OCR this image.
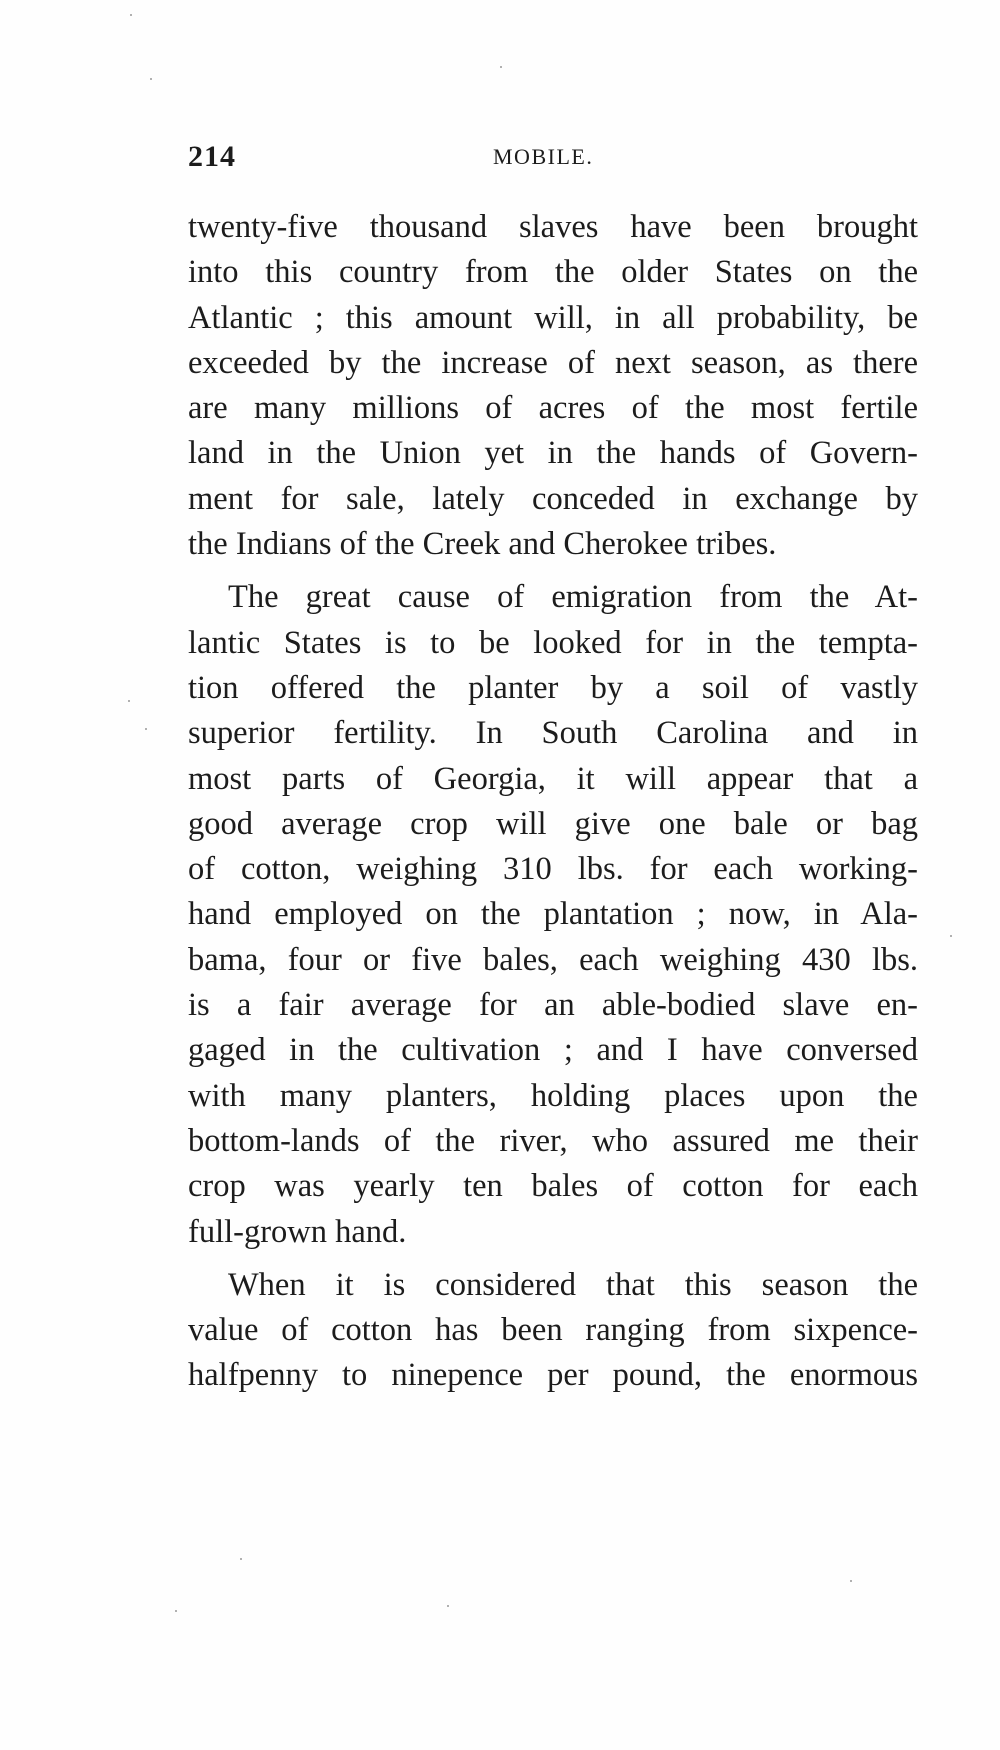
214	MOBILE.
twenty-five thousand slaves have been brought
into this country from the older States on the
Atlantic ; this amount will, in all probability, be
exceeded by the increase of next season, as there
are many millions of acres of the most fertile
land in the Union yet in the hands of Govern-
ment for sale, lately conceded in exchange by
the Indians of the Creek and Cherokee tribes.
The great cause of emigration from the At-
lantic States is to be looked for in the tempta-
tion offered the planter by a soil of vastly
superior fertility. In South Carolina and in
most parts of Georgia, it will appear that a
good average crop will give one bale or bag
of cotton, weighing 310 lbs. for each working-
hand employed on the plantation ; now, in Ala-
bama, four or five bales, each weighing 430 lbs.
is a fair average for an able-bodied slave en-
gaged in the cultivation ; and I have conversed
with many planters, holding places upon the
bottom-lands of the river, who assured me their
crop was yearly ten bales of cotton for each
full-grown hand.
When it is considered that this season the
value of cotton has been ranging from sixpence-
halfpenny to ninepence per pound, the enormous
